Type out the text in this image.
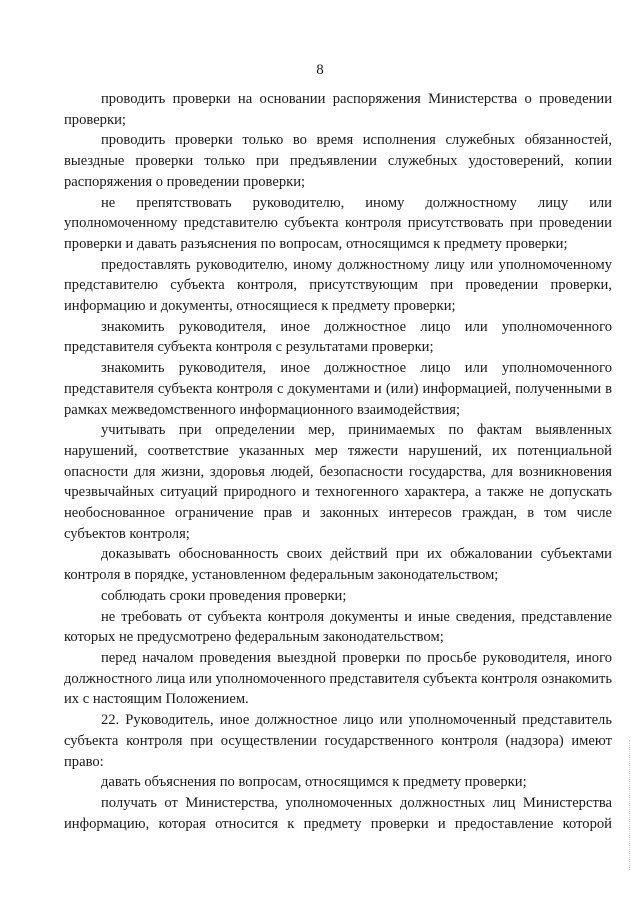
8

проводить проверки на основании распоряжения Министерства о проведении проверки;

проводить проверки только во время исполнения служебных обязанностей, выездные проверки только при предъявлении служебных удостоверений, копии распоряжения о проведении проверки;

не препятствовать руководителю, иному должностному лицу или уполномоченному представителю субъекта контроля присутствовать при проведении проверки и давать разъяснения по вопросам, относящимся к предмету проверки;

предоставлять руководителю, иному должностному лицу или уполномоченному представителю субъекта контроля, присутствующим при проведении проверки, информацию и документы, относящиеся к предмету проверки;

знакомить руководителя, иное должностное лицо или уполномоченного представителя субъекта контроля с результатами проверки;

знакомить руководителя, иное должностное лицо или уполномоченного представителя субъекта контроля с документами и (или) информацией, полученными в рамках межведомственного информационного взаимодействия;

учитывать при определении мер, принимаемых по фактам выявленных нарушений, соответствие указанных мер тяжести нарушений, их потенциальной опасности для жизни, здоровья людей, безопасности государства, для возникновения чрезвычайных ситуаций природного и техногенного характера, а также не допускать необоснованное ограничение прав и законных интересов граждан, в том числе субъектов контроля;

доказывать обоснованность своих действий при их обжаловании субъектами контроля в порядке, установленном федеральным законодательством;

соблюдать сроки проведения проверки;

не требовать от субъекта контроля документы и иные сведения, представление которых не предусмотрено федеральным законодательством;

перед началом проведения выездной проверки по просьбе руководителя, иного должностного лица или уполномоченного представителя субъекта контроля ознакомить их с настоящим Положением.

22. Руководитель, иное должностное лицо или уполномоченный представитель субъекта контроля при осуществлении государственного контроля (надзора) имеют право:

давать объяснения по вопросам, относящимся к предмету проверки;

получать от Министерства, уполномоченных должностных лиц Министерства информацию, которая относится к предмету проверки и предоставление которой
